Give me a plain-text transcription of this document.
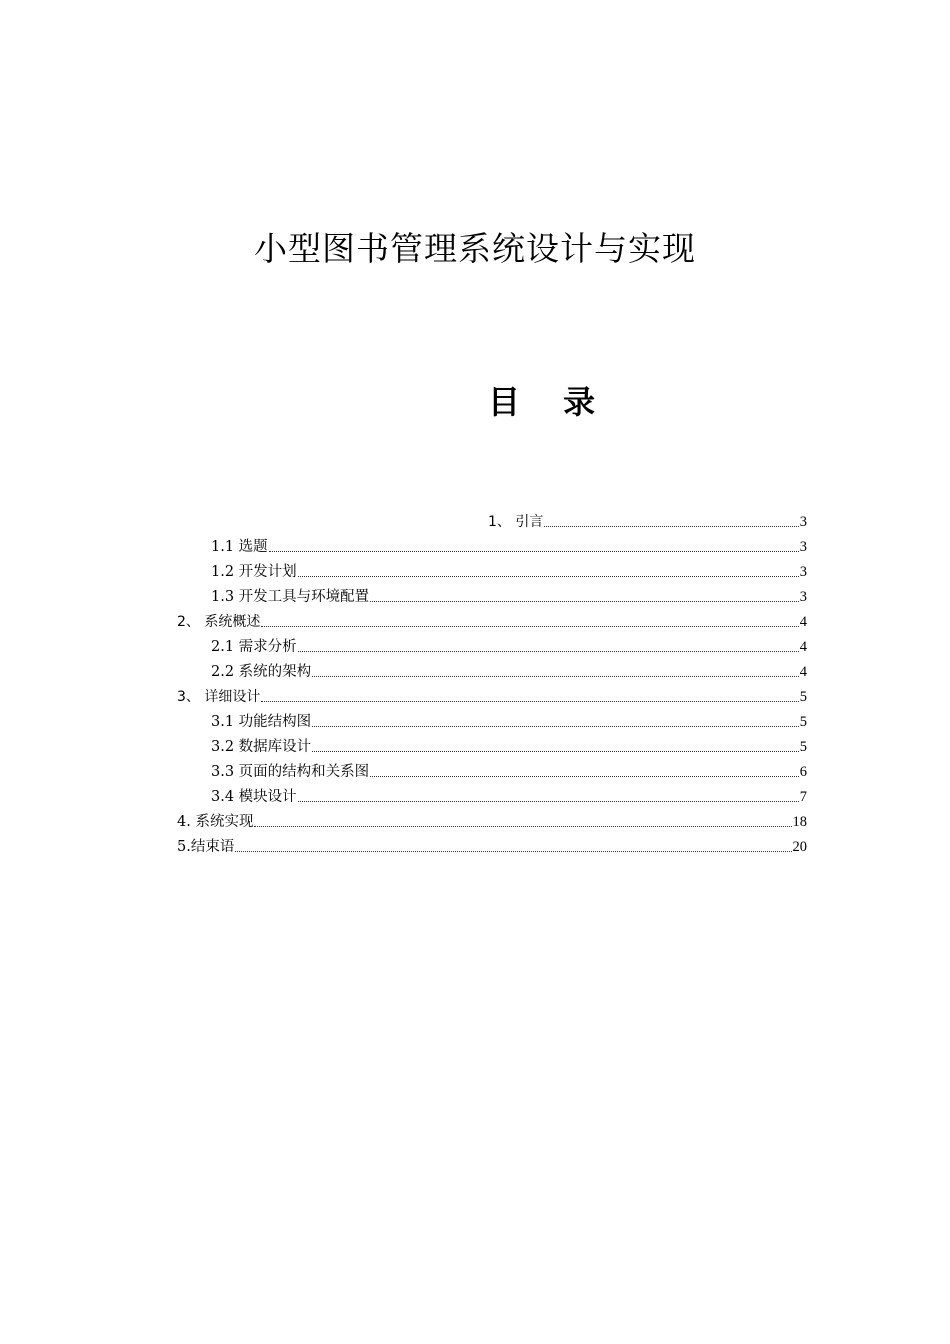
小型图书管理系统设计与实现
目 录
1、 引言	3
1.1 选题	3
1.2 开发计划	3
1.3 开发工具与环境配置	3
2、 系统概述	4
2.1 需求分析	4
2.2 系统的架构	4
3、 详细设计	5
3.1 功能结构图	5
3.2 数据库设计	5
3.3 页面的结构和关系图	6
3.4 模块设计	7
4. 系统实现	18
5.结束语	20
